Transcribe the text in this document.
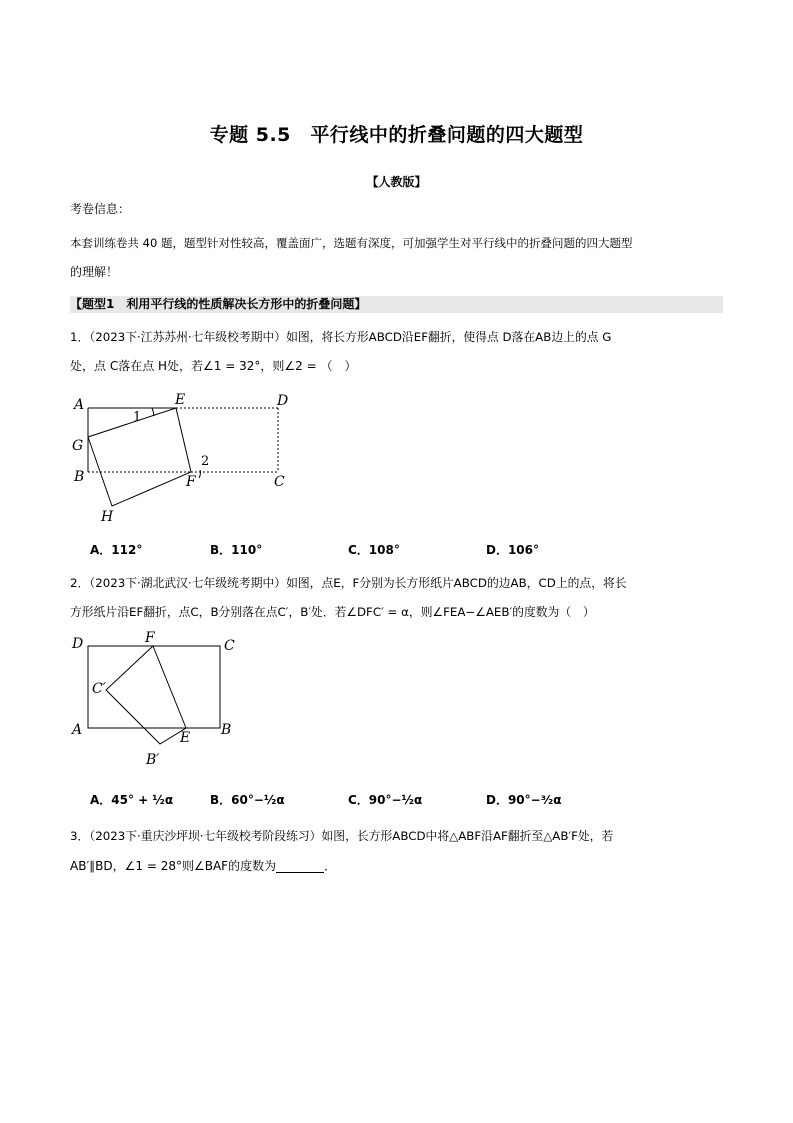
专题 5.5　平行线中的折叠问题的四大题型
【人教版】
考卷信息：
本套训练卷共 40 题，题型针对性较高，覆盖面广，选题有深度，可加强学生对平行线中的折叠问题的四大题型
的理解！
【题型1　利用平行线的性质解决长方形中的折叠问题】
1．（2023下·江苏苏州·七年级校考期中）如图，将长方形ABCD沿EF翻折，使得点 D落在AB边上的点 G
处，点 C落在点 H处，若∠1 = 32°，则∠2 = （　）
A	E	D
G
B	F	C
H
1
2
A．112°	B．110°	C．108°	D．106°
2．（2023下·湖北武汉·七年级统考期中）如图，点E，F分别为长方形纸片ABCD的边AB，CD上的点，将长
方形纸片沿EF翻折，点C，B分别落在点C′，B′处．若∠DFC′ = α，则∠FEA−∠AEB′的度数为（　）
D	F	C
C′
A	B
E
B′
A．45° + ½α	B．60°−½α	C．90°−½α	D．90°−³⁄₂α
3．（2023下·重庆沙坪坝·七年级校考阶段练习）如图，长方形ABCD中将△ABF沿AF翻折至△AB′F处，若
AB′∥BD，∠1 = 28°则∠BAF的度数为	．
